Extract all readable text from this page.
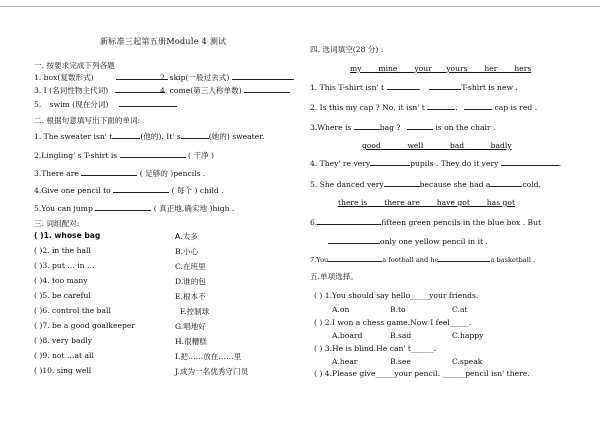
新标准三起第五册Module 4 测试
一. 按要求完成下列各题
1. box(复数形式)	2. skip(一般过去式)
3. I (名词性物主代词)	4. come(第三人称单数)
5. swim (现在分词)
二. 根据句意填写出下面的单词:
1. The sweater isn' t	(他的). It' s	(她的) sweater.
2.Lingling' s T-shirt is	( 干净 )
3.There are	( 足够的 )pencils .
4.Give one pencil to	( 每个 ) child .
5.You can jump	( 真正地,确实地 )high .
三. 词组配对:
( )1. whose bag	A.太多
( )2. in the hall	B.小心
( )3. put … in …	C.在班里
( )4. too many	D.谁的包
( )5. be careful	E.根本不
( )6. control the ball	F.控制球
( )7. be a good goalkeeper	G.唱地好
( )8. very badly	H.很糟糕
( )9. not …at all	I.把……放在……里
( )10. sing well	J.成为一名优秀守门员
四. 选词填空(28 分) :
my mine your yours her hers
1. This T-shirt isn' t	.	T-shirt is new .
2. Is this my cap ? No, it isn' t	.	cap is red .
3.Where is	bag ?	is on the chair .
good	well	bad	badly
4. They' re very	pupils . They do it very	.
5. She danced very	because she had a	cold.
there is there are have got has got
6.	fifteen green pencils in the blue box . But
only one yellow pencil in it .
7.You	a football and he	a basketball .
五.单项选择。
( ) 1.You should say hello_____your friends.
A.on	B.to	C.at
( ) 2.I won a chess game.Now I feel_____.
A.board	B.sad	C.happy
( ) 3.He is blind.He can' t______.
A.hear	B.see	C.speak
( ) 4.Please give_____your pencil. ______pencil isn' there.
